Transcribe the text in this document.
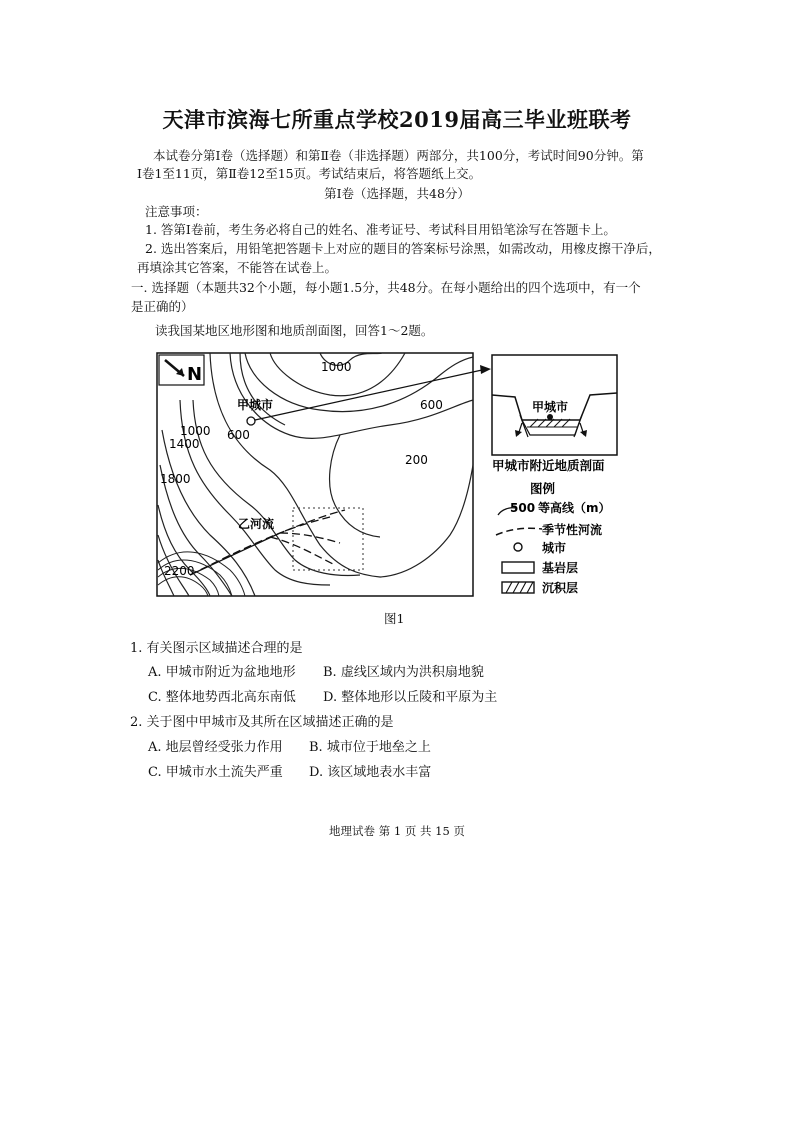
天津市滨海七所重点学校2019届高三毕业班联考
本试卷分第Ⅰ卷（选择题）和第Ⅱ卷（非选择题）两部分，共100分，考试时间90分钟。第
Ⅰ卷1至11页，第Ⅱ卷12至15页。考试结束后，将答题纸上交。
第Ⅰ卷（选择题，共48分）
注意事项：
1. 答第Ⅰ卷前，考生务必将自己的姓名、准考证号、考试科目用铅笔涂写在答题卡上。
2. 选出答案后，用铅笔把答题卡上对应的题目的答案标号涂黑，如需改动，用橡皮擦干净后，
再填涂其它答案，不能答在试卷上。
一. 选择题（本题共32个小题，每小题1.5分，共48分。在每小题给出的四个选项中，有一个
是正确的）
读我国某地区地形图和地质剖面图，回答1～2题。
N	1000
600
1000
1400
600
200
1800
2200
甲城市
乙河流
甲城市
甲城市附近地质剖面
图例
500 等高线（m）
季节性河流
城市
基岩层
沉积层
图1
1. 有关图示区域描述合理的是
A. 甲城市附近为盆地地形 B. 虚线区域内为洪积扇地貌
C. 整体地势西北高东南低 D. 整体地形以丘陵和平原为主
2. 关于图中甲城市及其所在区域描述正确的是
A. 地层曾经受张力作用 B. 城市位于地垒之上
C. 甲城市水土流失严重 D. 该区域地表水丰富
地理试卷 第 1 页 共 15 页
